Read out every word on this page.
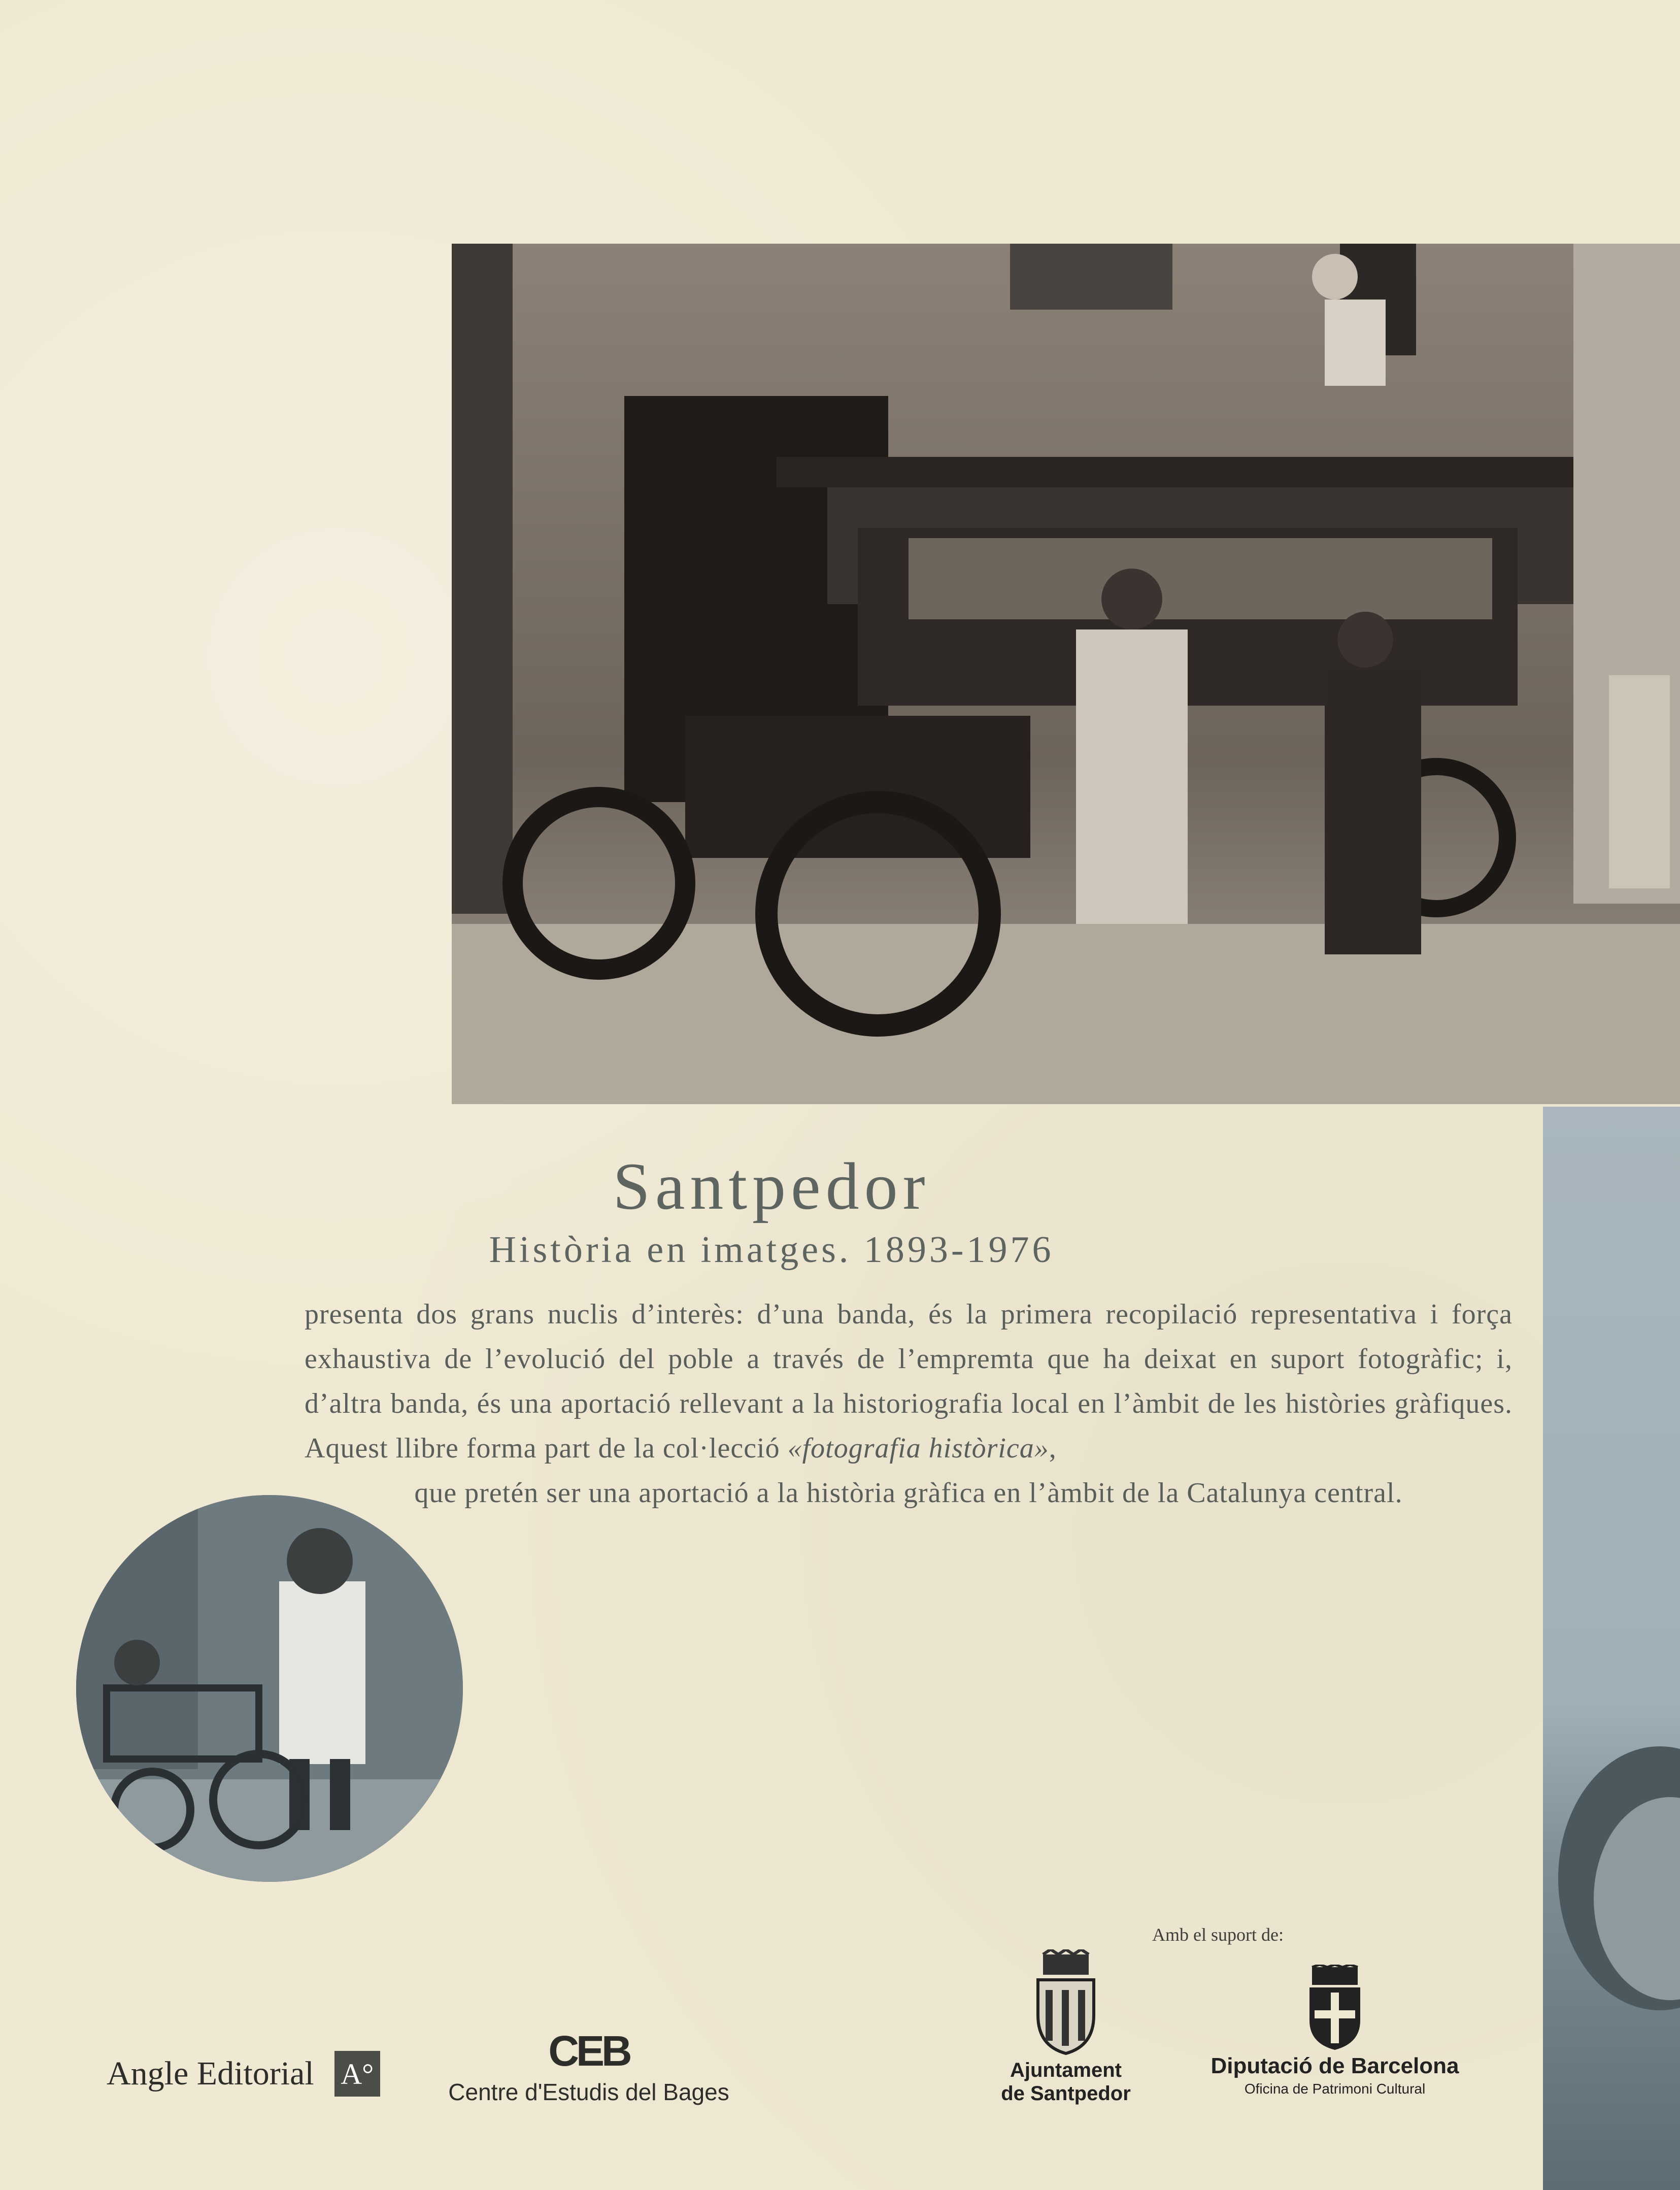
Santpedor
Història en imatges. 1893-1976
presenta dos grans nuclis d’interès: d’una banda, és la primera recopilació representativa i força exhaustiva de l’evolució del poble a través de l’empremta que ha deixat en suport fotogràfic; i, d’altra banda, és una aportació rellevant a la historiografia local en l’àmbit de les històries gràfiques. Aquest llibre forma part de la col·lecció «fotografia històrica»,
que pretén ser una aportació a la història gràfica en l’àmbit de la Catalunya central.
Amb el suport de:
Angle Editorial A°	CEB
Centre d'Estudis del Bages
Ajuntament
de Santpedor
Diputació de Barcelona
Oficina de Patrimoni Cultural
